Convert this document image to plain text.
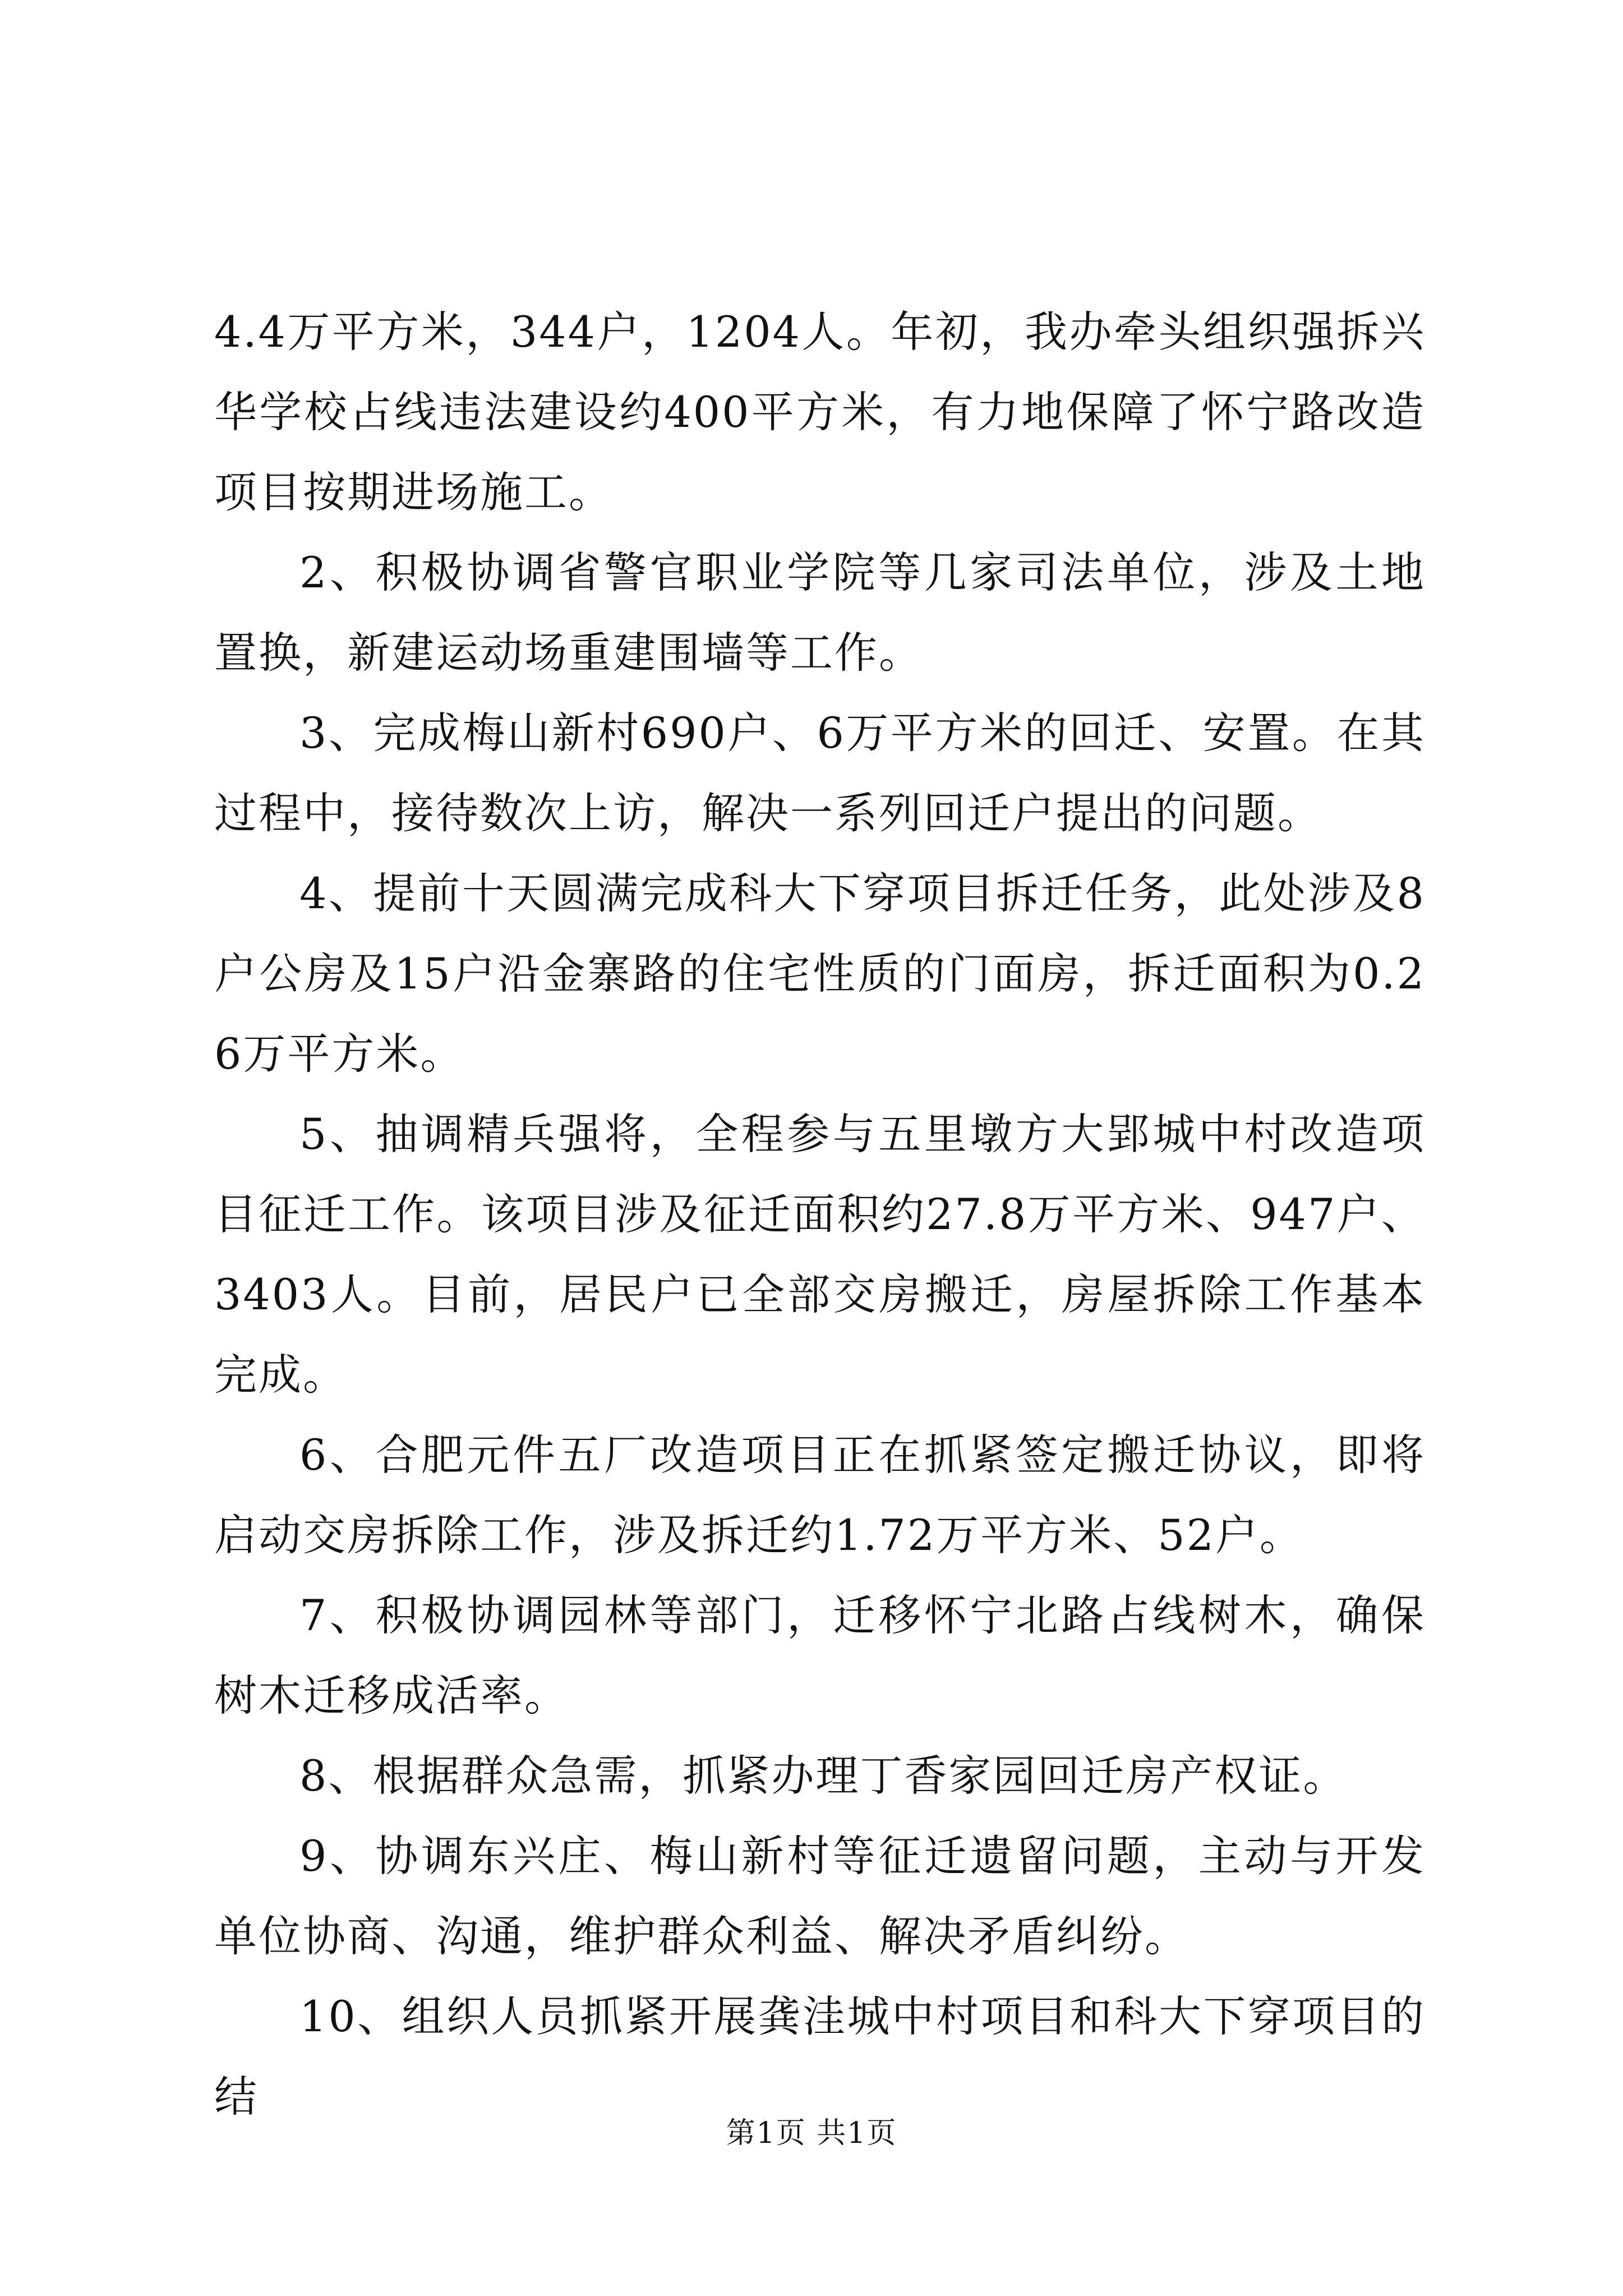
4.4万平方米，344户，1204人。年初，我办牵头组织强拆兴华学校占线违法建设约400平方米，有力地保障了怀宁路改造项目按期进场施工。

2、积极协调省警官职业学院等几家司法单位，涉及土地置换，新建运动场重建围墙等工作。

3、完成梅山新村690户、6万平方米的回迁、安置。在其过程中，接待数次上访，解决一系列回迁户提出的问题。

4、提前十天圆满完成科大下穿项目拆迁任务，此处涉及8户公房及15户沿金寨路的住宅性质的门面房，拆迁面积为0.26万平方米。

5、抽调精兵强将，全程参与五里墩方大郢城中村改造项目征迁工作。该项目涉及征迁面积约27.8万平方米、947户、3403人。目前，居民户已全部交房搬迁，房屋拆除工作基本完成。

6、合肥元件五厂改造项目正在抓紧签定搬迁协议，即将启动交房拆除工作，涉及拆迁约1.72万平方米、52户。

7、积极协调园林等部门，迁移怀宁北路占线树木，确保树木迁移成活率。

8、根据群众急需，抓紧办理丁香家园回迁房产权证。

9、协调东兴庄、梅山新村等征迁遗留问题，主动与开发单位协商、沟通，维护群众利益、解决矛盾纠纷。

10、组织人员抓紧开展龚洼城中村项目和科大下穿项目的结

第1页 共1页
